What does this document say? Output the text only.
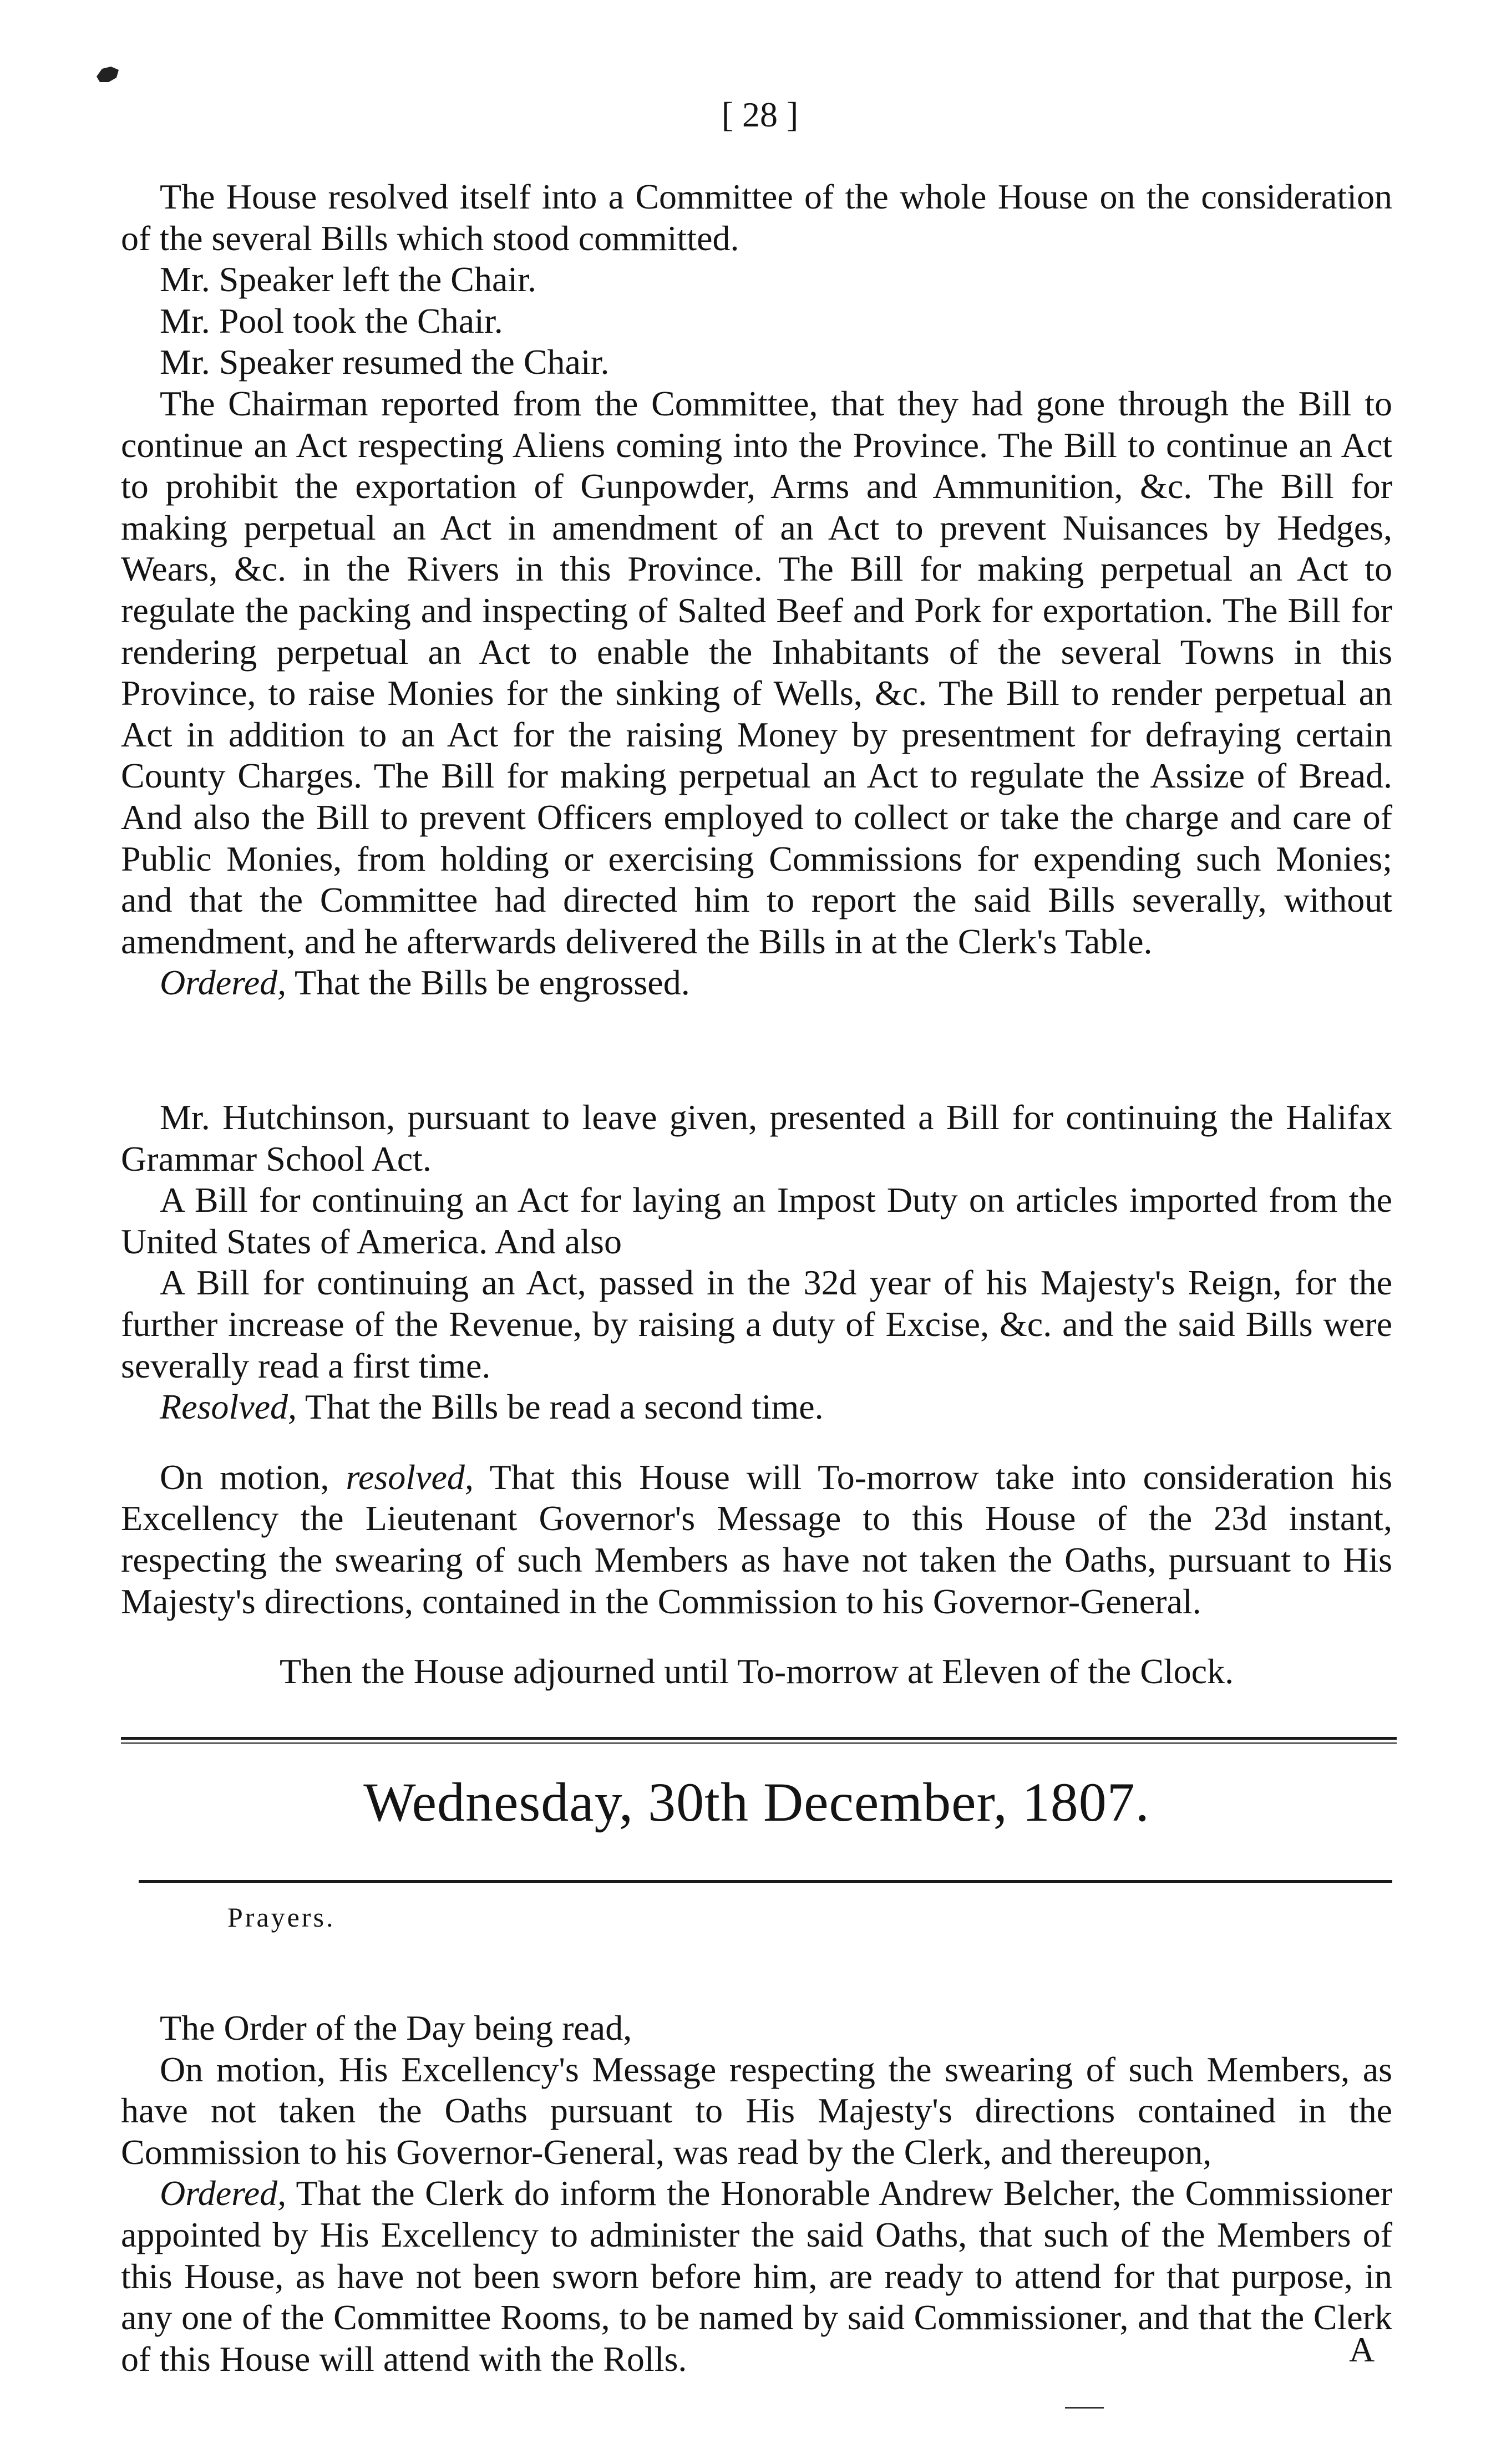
[ 28 ]

The House resolved itself into a Committee of the whole House on the consideration of the several Bills which stood committed.

Mr. Speaker left the Chair.

Mr. Pool took the Chair.

Mr. Speaker resumed the Chair.

The Chairman reported from the Committee, that they had gone through the Bill to continue an Act respecting Aliens coming into the Province. The Bill to continue an Act to prohibit the exportation of Gunpowder, Arms and Ammunition, &c. The Bill for making perpetual an Act in amendment of an Act to prevent Nuisances by Hedges, Wears, &c. in the Rivers in this Province. The Bill for making perpetual an Act to regulate the packing and inspecting of Salted Beef and Pork for exportation. The Bill for rendering perpetual an Act to enable the Inhabitants of the several Towns in this Province, to raise Monies for the sinking of Wells, &c. The Bill to render perpetual an Act in addition to an Act for the raising Money by presentment for defraying certain County Charges. The Bill for making perpetual an Act to regulate the Assize of Bread. And also the Bill to prevent Officers employed to collect or take the charge and care of Public Monies, from holding or exercising Commissions for expending such Monies; and that the Committee had directed him to report the said Bills severally, without amendment, and he afterwards delivered the Bills in at the Clerk's Table.

Ordered, That the Bills be engrossed.

Mr. Hutchinson, pursuant to leave given, presented a Bill for continuing the Halifax Grammar School Act.

A Bill for continuing an Act for laying an Impost Duty on articles imported from the United States of America. And also

A Bill for continuing an Act, passed in the 32d year of his Majesty's Reign, for the further increase of the Revenue, by raising a duty of Excise, &c. and the said Bills were severally read a first time.

Resolved, That the Bills be read a second time.

On motion, resolved, That this House will To-morrow take into consideration his Excellency the Lieutenant Governor's Message to this House of the 23d instant, respecting the swearing of such Members as have not taken the Oaths, pursuant to His Majesty's directions, contained in the Commission to his Governor-General.

Then the House adjourned until To-morrow at Eleven of the Clock.

Wednesday, 30th December, 1807.
Prayers.

The Order of the Day being read,

On motion, His Excellency's Message respecting the swearing of such Members, as have not taken the Oaths pursuant to His Majesty's directions contained in the Commission to his Governor-General, was read by the Clerk, and thereupon,

Ordered, That the Clerk do inform the Honorable Andrew Belcher, the Commissioner appointed by His Excellency to administer the said Oaths, that such of the Members of this House, as have not been sworn before him, are ready to attend for that purpose, in any one of the Committee Rooms, to be named by said Commissioner, and that the Clerk of this House will attend with the Rolls.	A
